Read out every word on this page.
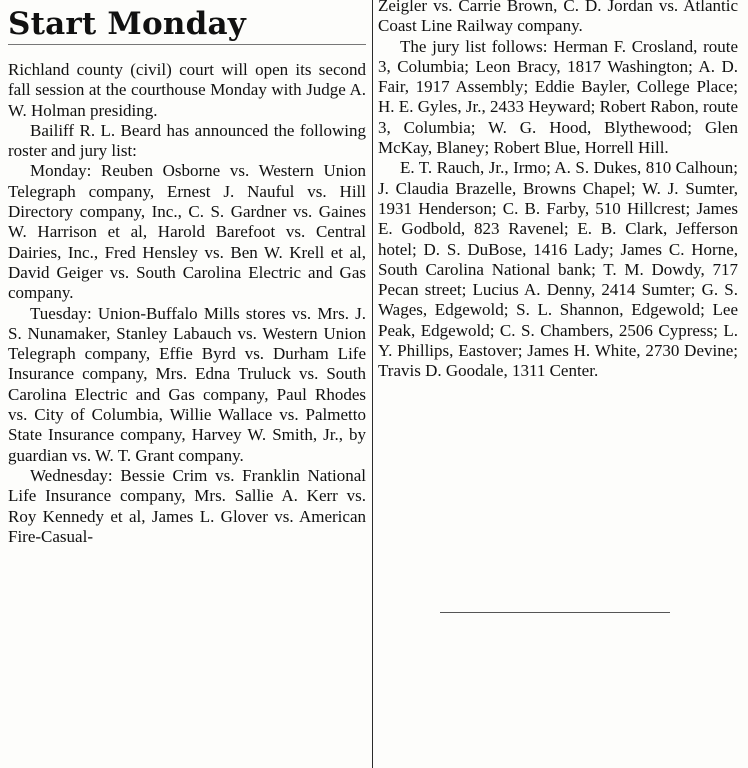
Start Monday

Richland county (civil) court will open its second fall session at the courthouse Monday with Judge A. W. Holman presiding.

Bailiff R. L. Beard has announced the following roster and jury list:

Monday: Reuben Osborne vs. Western Union Telegraph company, Ernest J. Nauful vs. Hill Directory company, Inc., C. S. Gardner vs. Gaines W. Harrison et al, Harold Barefoot vs. Central Dairies, Inc., Fred Hensley vs. Ben W. Krell et al, David Geiger vs. South Carolina Electric and Gas company.

Tuesday: Union-Buffalo Mills stores vs. Mrs. J. S. Nunamaker, Stanley Labauch vs. Western Union Telegraph company, Effie Byrd vs. Durham Life Insurance company, Mrs. Edna Truluck vs. South Carolina Electric and Gas company, Paul Rhodes vs. City of Columbia, Willie Wallace vs. Palmetto State Insurance company, Harvey W. Smith, Jr., by guardian vs. W. T. Grant company.

Wednesday: Bessie Crim vs. Franklin National Life Insurance company, Mrs. Sallie A. Kerr vs. Roy Kennedy et al, James L. Glover vs. American Fire-Casual-

Zeigler vs. Carrie Brown, C. D. Jordan vs. Atlantic Coast Line Railway company.

The jury list follows: Herman F. Crosland, route 3, Columbia; Leon Bracy, 1817 Washington; A. D. Fair, 1917 Assembly; Eddie Bayler, College Place; H. E. Gyles, Jr., 2433 Heyward; Robert Rabon, route 3, Columbia; W. G. Hood, Blythewood; Glen McKay, Blaney; Robert Blue, Horrell Hill.

E. T. Rauch, Jr., Irmo; A. S. Dukes, 810 Calhoun; J. Claudia Brazelle, Browns Chapel; W. J. Sumter, 1931 Henderson; C. B. Farby, 510 Hillcrest; James E. Godbold, 823 Ravenel; E. B. Clark, Jefferson hotel; D. S. DuBose, 1416 Lady; James C. Horne, South Carolina National bank; T. M. Dowdy, 717 Pecan street; Lucius A. Denny, 2414 Sumter; G. S. Wages, Edgewold; S. L. Shannon, Edgewold; Lee Peak, Edgewold; C. S. Chambers, 2506 Cypress; L. Y. Phillips, Eastover; James H. White, 2730 Devine; Travis D. Goodale, 1311 Center.
